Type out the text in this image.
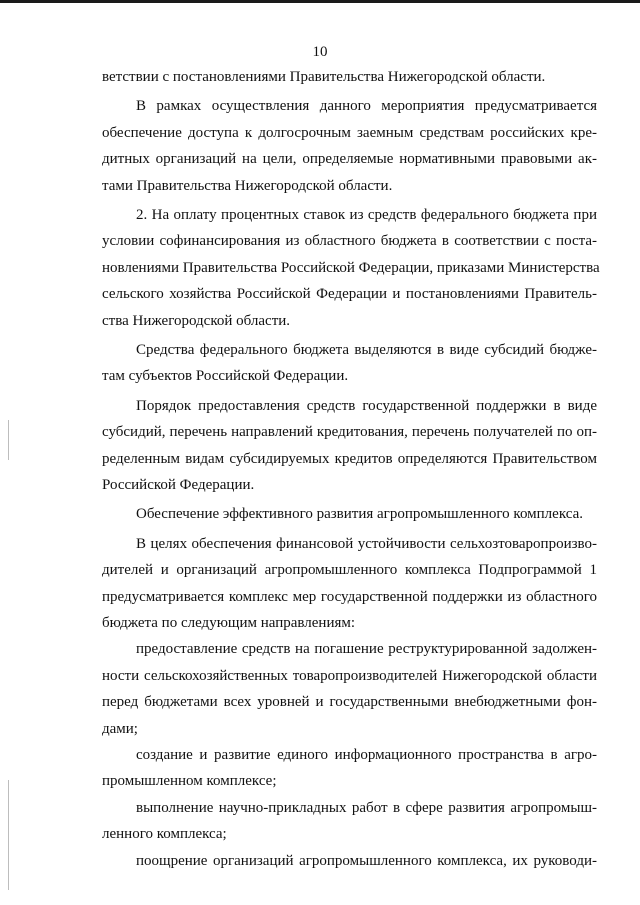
10
ветствии с постановлениями Правительства Нижегородской области.
В рамках осуществления данного мероприятия предусматривается
обеспечение доступа к долгосрочным заемным средствам российских кре-
дитных организаций на цели, определяемые нормативными правовыми ак-
тами Правительства Нижегородской области.
2. На оплату процентных ставок из средств федерального бюджета при
условии софинансирования из областного бюджета в соответствии с поста-
новлениями Правительства Российской Федерации, приказами Министерства
сельского хозяйства Российской Федерации и постановлениями Правитель-
ства Нижегородской области.
Средства федерального бюджета выделяются в виде субсидий бюдже-
там субъектов Российской Федерации.
Порядок предоставления средств государственной поддержки в виде
субсидий, перечень направлений кредитования, перечень получателей по оп-
ределенным видам субсидируемых кредитов определяются Правительством
Российской Федерации.
Обеспечение эффективного развития агропромышленного комплекса.
В целях обеспечения финансовой устойчивости сельхозтоваропроизво-
дителей и организаций агропромышленного комплекса Подпрограммой 1
предусматривается комплекс мер государственной поддержки из областного
бюджета по следующим направлениям:
предоставление средств на погашение реструктурированной задолжен-
ности сельскохозяйственных товаропроизводителей Нижегородской области
перед бюджетами всех уровней и государственными внебюджетными фон-
дами;
создание и развитие единого информационного пространства в агро-
промышленном комплексе;
выполнение научно-прикладных работ в сфере развития агропромыш-
ленного комплекса;
поощрение организаций агропромышленного комплекса, их руководи-
